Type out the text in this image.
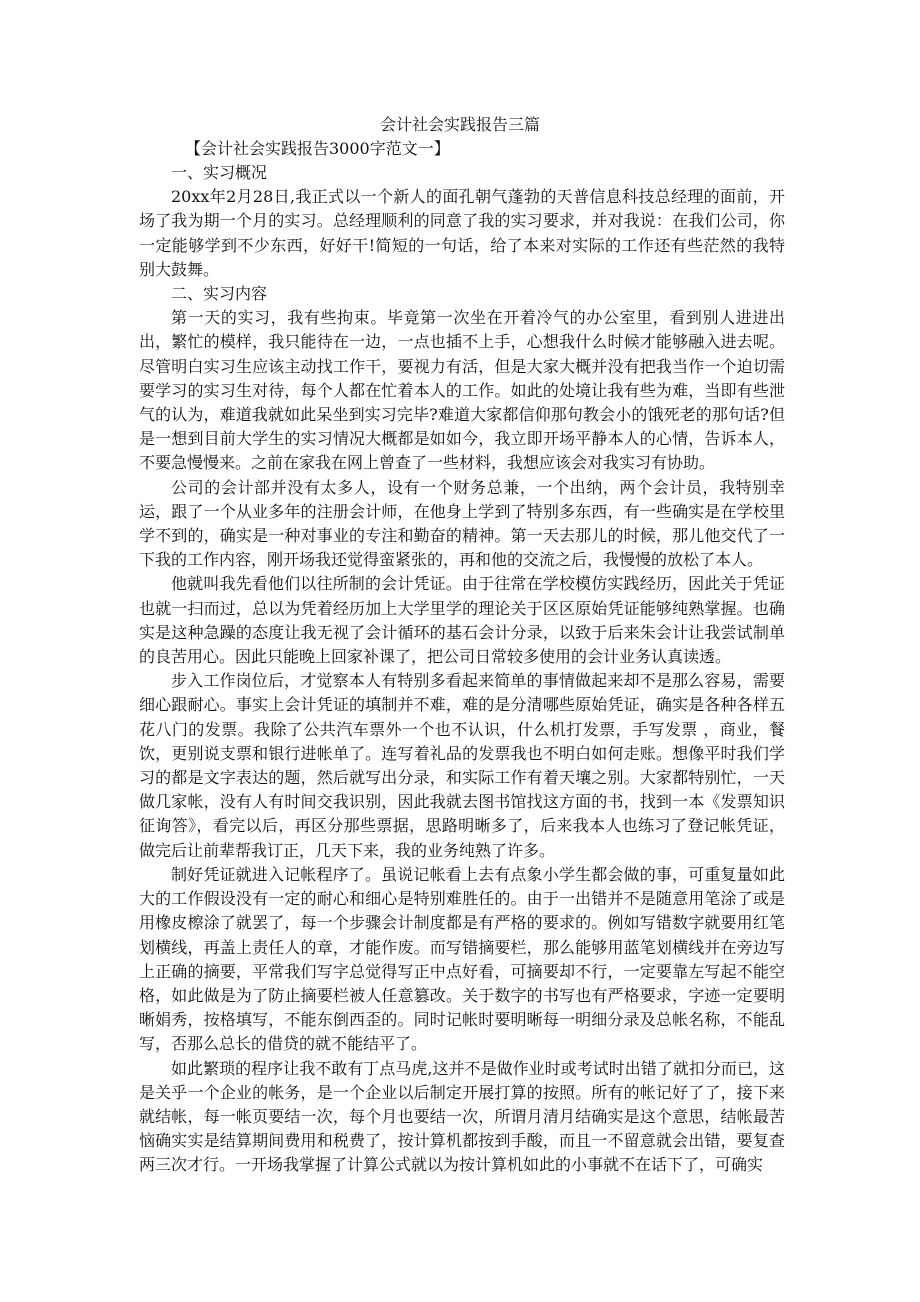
会计社会实践报告三篇
【会计社会实践报告3000字范文一】

一、实习概况

20xx年2月28日,我正式以一个新人的面孔朝气蓬勃的天普信息科技总经理的面前，开场了我为期一个月的实习。总经理顺利的同意了我的实习要求，并对我说：在我们公司，你一定能够学到不少东西，好好干!简短的一句话，给了本来对实际的工作还有些茫然的我特别大鼓舞。

二、实习内容

第一天的实习，我有些拘束。毕竟第一次坐在开着冷气的办公室里，看到别人进进出出，繁忙的模样，我只能待在一边，一点也插不上手，心想我什么时候才能够融入进去呢。尽管明白实习生应该主动找工作干，要视力有活，但是大家大概并没有把我当作一个迫切需要学习的实习生对待，每个人都在忙着本人的工作。如此的处境让我有些为难，当即有些泄气的认为，难道我就如此呆坐到实习完毕?难道大家都信仰那句教会小的饿死老的那句话?但是一想到目前大学生的实习情况大概都是如如今，我立即开场平静本人的心情，告诉本人，不要急慢慢来。之前在家我在网上曾查了一些材料，我想应该会对我实习有协助。

公司的会计部并没有太多人，设有一个财务总兼，一个出纳，两个会计员，我特别幸运，跟了一个从业多年的注册会计师，在他身上学到了特别多东西，有一些确实是在学校里学不到的，确实是一种对事业的专注和勤奋的精神。第一天去那儿的时候，那儿他交代了一下我的工作内容，刚开场我还觉得蛮紧张的，再和他的交流之后，我慢慢的放松了本人。

他就叫我先看他们以往所制的会计凭证。由于往常在学校模仿实践经历，因此关于凭证也就一扫而过，总以为凭着经历加上大学里学的理论关于区区原始凭证能够纯熟掌握。也确实是这种急躁的态度让我无视了会计循环的基石会计分录，以致于后来朱会计让我尝试制单的良苦用心。因此只能晚上回家补课了，把公司日常较多使用的会计业务认真读透。

步入工作岗位后，才觉察本人有特别多看起来简单的事情做起来却不是那么容易，需要细心跟耐心。事实上会计凭证的填制并不难，难的是分清哪些原始凭证，确实是各种各样五花八门的发票。我除了公共汽车票外一个也不认识，什么机打发票，手写发票 ，商业，餐饮，更别说支票和银行进帐单了。连写着礼品的发票我也不明白如何走账。想像平时我们学习的都是文字表达的题，然后就写出分录，和实际工作有着天壤之别。大家都特别忙，一天做几家帐，没有人有时间交我识别，因此我就去图书馆找这方面的书，找到一本《发票知识征询答》，看完以后，再区分那些票据，思路明晰多了，后来我本人也练习了登记帐凭证，做完后让前辈帮我订正，几天下来，我的业务纯熟了许多。

制好凭证就进入记帐程序了。虽说记帐看上去有点象小学生都会做的事，可重复量如此大的工作假设没有一定的耐心和细心是特别难胜任的。由于一出错并不是随意用笔涂了或是用橡皮檫涂了就罢了，每一个步骤会计制度都是有严格的要求的。例如写错数字就要用红笔划横线，再盖上责任人的章，才能作废。而写错摘要栏，那么能够用蓝笔划横线并在旁边写上正确的摘要，平常我们写字总觉得写正中点好看，可摘要却不行，一定要靠左写起不能空格，如此做是为了防止摘要栏被人任意篡改。关于数字的书写也有严格要求，字迹一定要明晰娟秀，按格填写，不能东倒西歪的。同时记帐时要明晰每一明细分录及总帐名称，不能乱写，否那么总长的借贷的就不能结平了。

如此繁琐的程序让我不敢有丁点马虎,这并不是做作业时或考试时出错了就扣分而已，这是关乎一个企业的帐务，是一个企业以后制定开展打算的按照。所有的帐记好了了，接下来就结帐，每一帐页要结一次，每个月也要结一次，所谓月清月结确实是这个意思，结帐最苦恼确实实是结算期间费用和税费了，按计算机都按到手酸，而且一不留意就会出错，要复查两三次才行。一开场我掌握了计算公式就以为按计算机如此的小事就不在话下了，可确实
